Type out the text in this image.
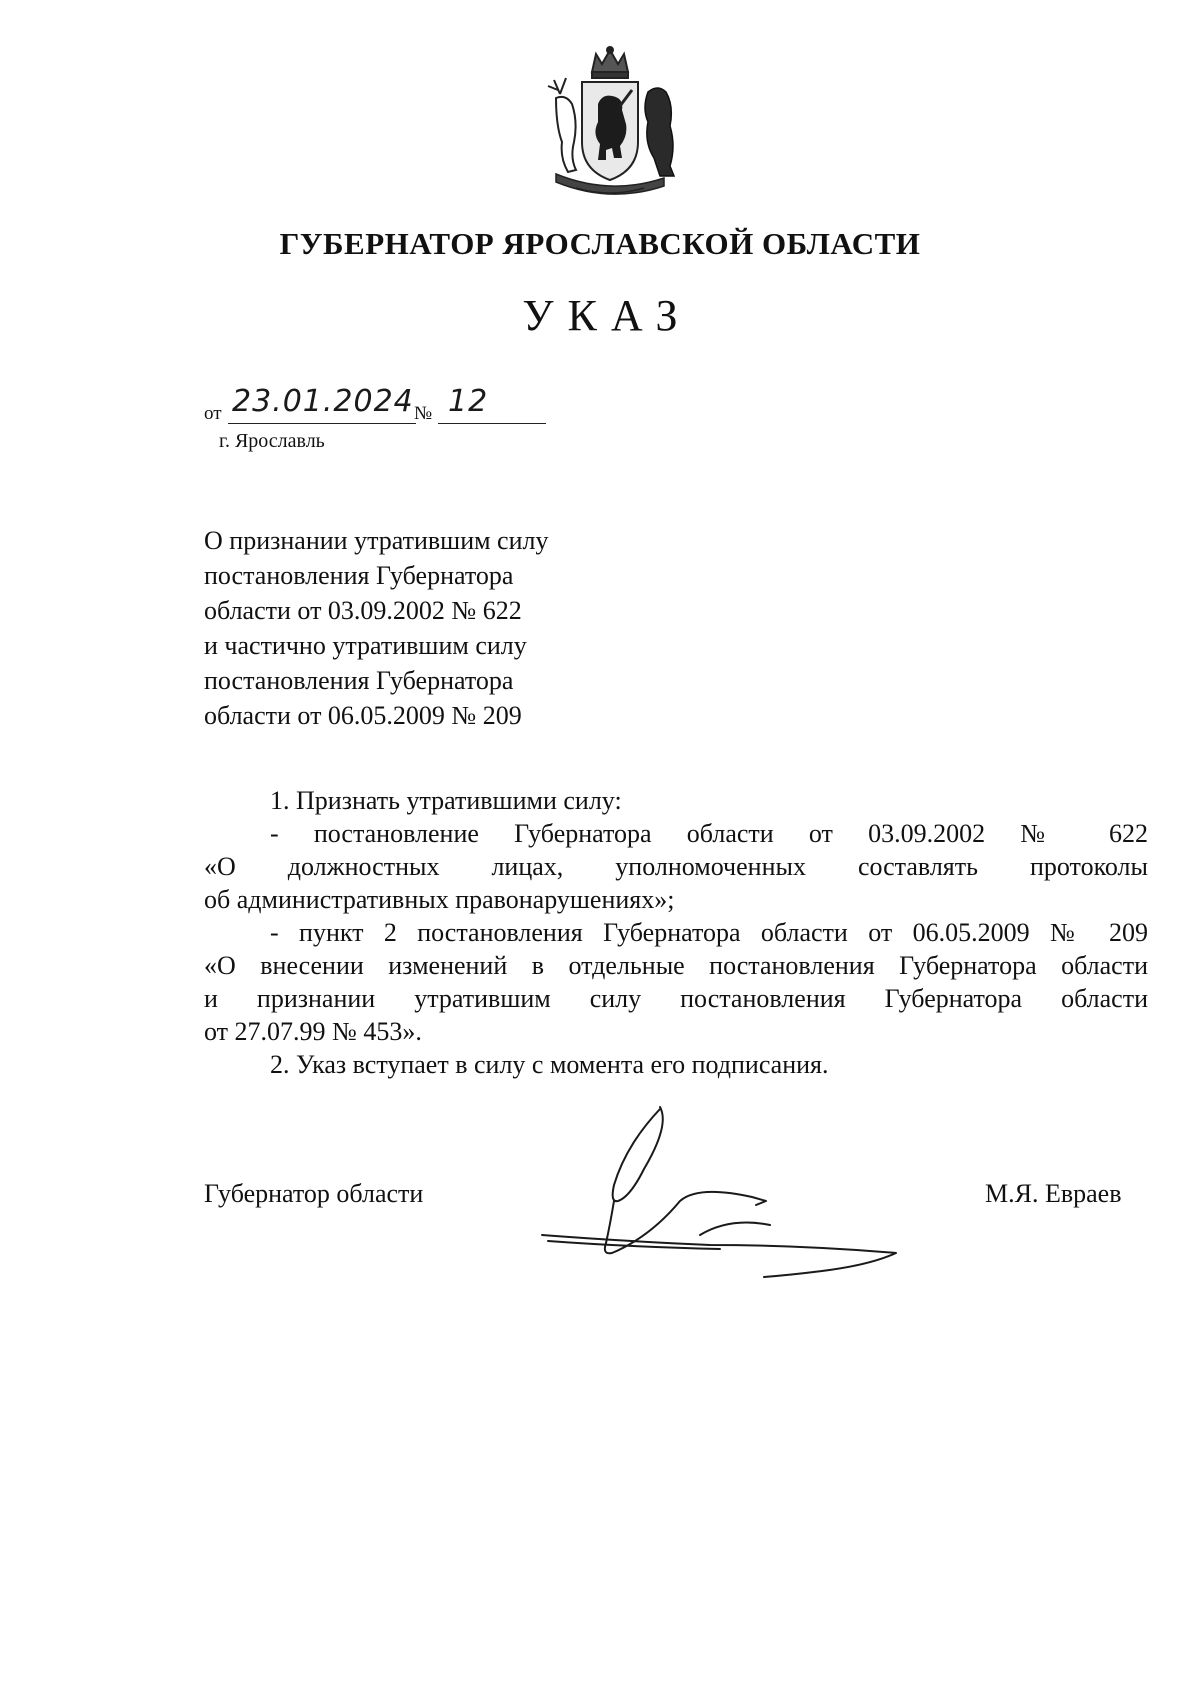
ГУБЕРНАТОР ЯРОСЛАВСКОЙ ОБЛАСТИ
УКАЗ
от 23.01.2024 № 12
г. Ярославль
О признании утратившим силу
постановления Губернатора
области от 03.09.2002 № 622
и частично утратившим силу
постановления Губернатора
области от 06.05.2009 № 209
1. Признать утратившими силу:
- постановление Губернатора области от 03.09.2002 № 622
«О должностных лицах, уполномоченных составлять протоколы
об административных правонарушениях»;
- пункт 2 постановления Губернатора области от 06.05.2009 № 209
«О внесении изменений в отдельные постановления Губернатора области
и признании утратившим силу постановления Губернатора области
от 27.07.99 № 453».
2. Указ вступает в силу с момента его подписания.
Губернатор области	М.Я. Евраев
